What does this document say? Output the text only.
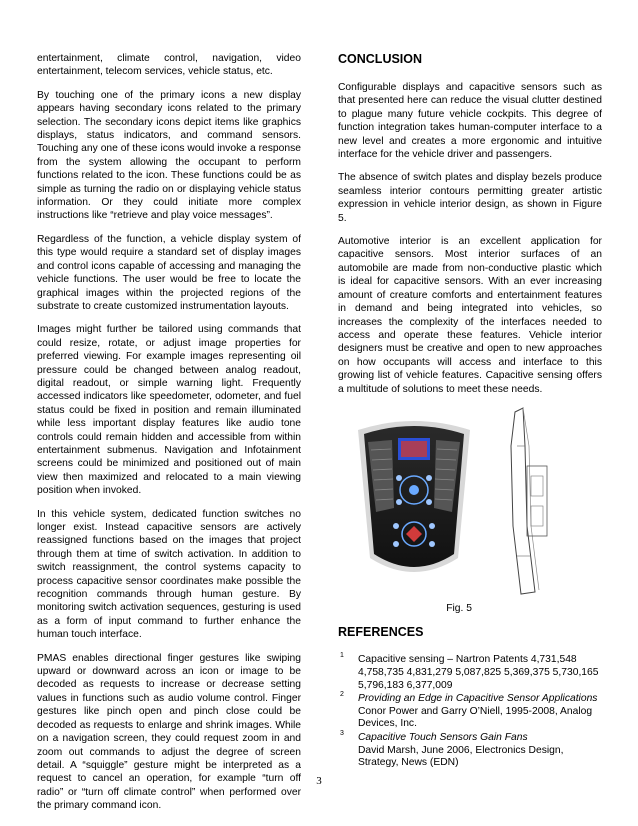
entertainment, climate control, navigation, video entertainment, telecom services, vehicle status, etc.

By touching one of the primary icons a new display appears having secondary icons related to the primary selection. The secondary icons depict items like graphics displays, status indicators, and command sensors. Touching any one of these icons would invoke a response from the system allowing the occupant to perform functions related to the icon. These functions could be as simple as turning the radio on or displaying vehicle status information. Or they could initiate more complex instructions like “retrieve and play voice messages”.

Regardless of the function, a vehicle display system of this type would require a standard set of display images and control icons capable of accessing and managing the vehicle functions. The user would be free to locate the graphical images within the projected regions of the substrate to create customized instrumentation layouts.

Images might further be tailored using commands that could resize, rotate, or adjust image properties for preferred viewing. For example images representing oil pressure could be changed between analog readout, digital readout, or simple warning light. Frequently accessed indicators like speedometer, odometer, and fuel status could be fixed in position and remain illuminated while less important display features like audio tone controls could remain hidden and accessible from within entertainment submenus. Navigation and Infotainment screens could be minimized and positioned out of main view then maximized and relocated to a main viewing position when invoked.

In this vehicle system, dedicated function switches no longer exist. Instead capacitive sensors are actively reassigned functions based on the images that project through them at time of switch activation. In addition to switch reassignment, the control systems capacity to process capacitive sensor coordinates make possible the recognition commands through human gesture. By monitoring switch activation sequences, gesturing is used as a form of input command to further enhance the human touch interface.

PMAS enables directional finger gestures like swiping upward or downward across an icon or image to be decoded as requests to increase or decrease setting values in functions such as audio volume control. Finger gestures like pinch open and pinch close could be decoded as requests to enlarge and shrink images. While on a navigation screen, they could request zoom in and zoom out commands to adjust the degree of screen detail. A “squiggle” gesture might be interpreted as a request to cancel an operation, for example “turn off radio” or “turn off climate control” when performed over the primary command icon.

CONCLUSION

Configurable displays and capacitive sensors such as that presented here can reduce the visual clutter destined to plague many future vehicle cockpits. This degree of function integration takes human-computer interface to a new level and creates a more ergonomic and intuitive interface for the vehicle driver and passengers.

The absence of switch plates and display bezels produce seamless interior contours permitting greater artistic expression in vehicle interior design, as shown in Figure 5.

Automotive interior is an excellent application for capacitive sensors. Most interior surfaces of an automobile are made from non-conductive plastic which is ideal for capacitive sensors. With an ever increasing amount of creature comforts and entertainment features in demand and being integrated into vehicles, so increases the complexity of the interfaces needed to access and operate these features. Vehicle interior designers must be creative and open to new approaches on how occupants will access and interface to this growing list of vehicle features. Capacitive sensing offers a multitude of solutions to meet these needs.

Fig. 5
REFERENCES
1 Capacitive sensing – Nartron Patents 4,731,548 4,758,735 4,831,279 5,087,825 5,369,375 5,730,165 5,796,183 6,377,009
2 Providing an Edge in Capacitive Sensor Applications
Conor Power and Garry O’Niell, 1995-2008, Analog Devices, Inc.
3 Capacitive Touch Sensors Gain Fans
David Marsh, June 2006, Electronics Design, Strategy, News (EDN)
3
